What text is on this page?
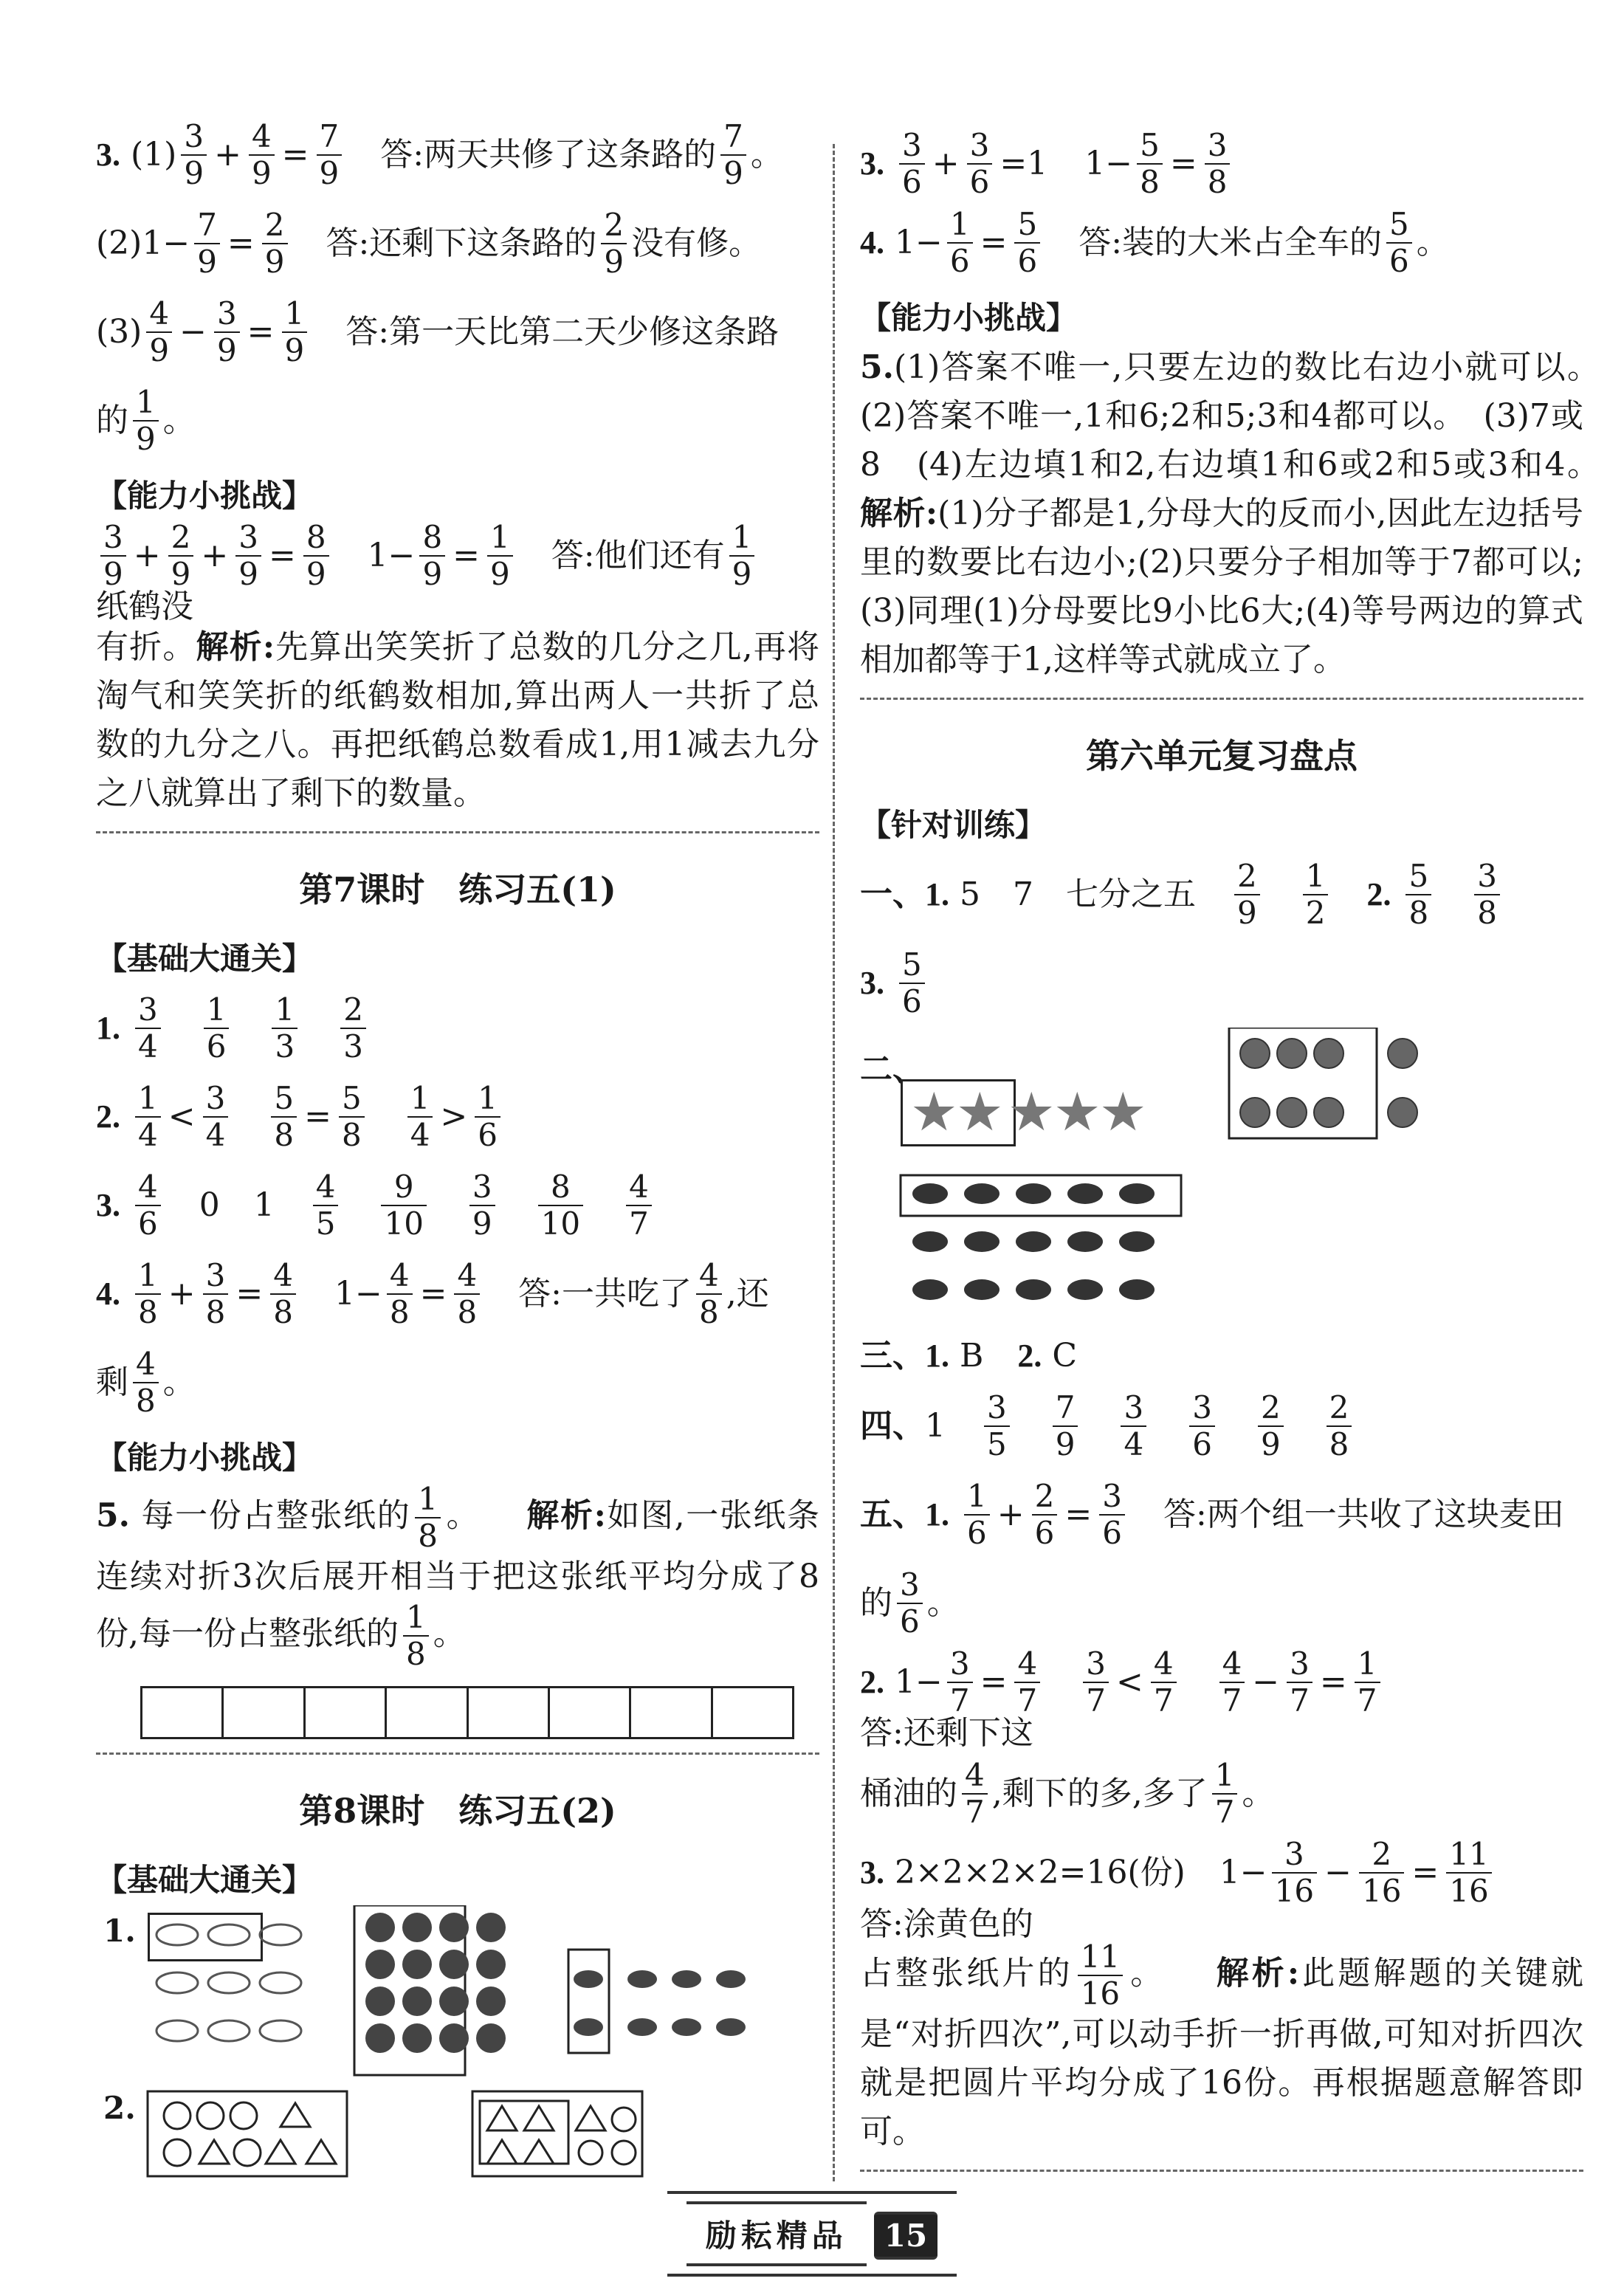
3. $(1) \frac{3}{9} + \frac{4}{9} = \frac{7}{9}$ 答:两天共修了这条路的 $\frac{7}{9}$ 。
$(2)1- \frac{7}{9} = \frac{2}{9}$ 答:还剩下这条路的 $\frac{2}{9}$ 没有修。
$(3) \frac{4}{9} - \frac{3}{9} = \frac{1}{9}$ 答:第一天比第二天少修这条路
的 $\frac{1}{9}$ 。
【能力小挑战】
$\frac{3}{9} + \frac{2}{9} + \frac{3}{9} = \frac{8}{9} 1- \frac{8}{9} = \frac{1}{9}$ 答:他们还有 $\frac{1}{9}$
纸鹤没
有折。解析:先算出笑笑折了总数的几分之几,再将淘气和笑笑折的纸鹤数相加,算出两人一共折了总数的九分之八。再把纸鹤总数看成1,用1减去九分之八就算出了剩下的数量。
第7课时　练习五(1)
【基础大通关】
1. $\frac{3}{4} \frac{1}{6} \frac{1}{3} \frac{2}{3}$
2. $\frac{1}{4} < \frac{3}{4} \frac{5}{8} = \frac{5}{8} \frac{1}{4} > \frac{1}{6}$
3. $\frac{4}{6} 0$ $1 \frac{4}{5} \frac{9}{10} \frac{3}{9} \frac{8}{10} \frac{4}{7}$
4. $\frac{1}{8} + \frac{3}{8} = \frac{4}{8} 1- \frac{4}{8} = \frac{4}{8}$ 答:一共吃了 $\frac{4}{8}$ ,还
剩 $\frac{4}{8}$ 。
【能力小挑战】
5. 每一份占整张纸的 $\frac{1}{8}$ 。 解析:如图,一张纸条连续对折3次后展开相当于把这张纸平均分成了8份,每一份占整张纸的 $\frac{1}{8}$ 。
第8课时　练习五(2)
【基础大通关】
1.
2.
3. $\frac{3}{6} + \frac{3}{6} =1$ $1- \frac{5}{8} = \frac{3}{8}$
4. $1- \frac{1}{6} = \frac{5}{6}$ 答:装的大米占全车的 $\frac{5}{6}$ 。
【能力小挑战】
5.(1)答案不唯一,只要左边的数比右边小就可以。　(2)答案不唯一,1和6;2和5;3和4都可以。　(3)7或8　(4)左边填1和2,右边填1和6或2和5或3和4。　解析:(1)分子都是1,分母大的反而小,因此左边括号里的数要比右边小;(2)只要分子相加等于7都可以;(3)同理(1)分母要比9小比6大;(4)等号两边的算式相加都等于1,这样等式就成立了。
第六单元复习盘点
【针对训练】
一、 1. 5　7　七分之五 $\frac{2}{9} \frac{1}{2} 2$. $\frac{5}{8} \frac{3}{8}$
3. $\frac{5}{6}$
二、
★
★ ★
★
★
三、 1. B 2. C
四、 $1 \frac{3}{5} \frac{7}{9} \frac{3}{4} \frac{3}{6} \frac{2}{9} \frac{2}{8}$
五、 1. $\frac{1}{6} + \frac{2}{6} = \frac{3}{6}$ 答:两个组一共收了这块麦田
的 $\frac{3}{6}$ 。
2. $1- \frac{3}{7} = \frac{4}{7} \frac{3}{7} < \frac{4}{7} \frac{4}{7} - \frac{3}{7} = \frac{1}{7}$
答:还剩下这
桶油的 $\frac{4}{7}$ ,剩下的多,多了 $\frac{1}{7}$ 。
3. 2×2×2×2=16(份) $1- \frac{3}{16} - \frac{2}{16} = \frac{11}{16}$
答:涂黄色的
占整张纸片的 $\frac{11}{16}$ 。 解析:此题解题的关键就是“对折四次”,可以动手折一折再做,可知对折四次就是把圆片平均分成了16份。再根据题意解答即可。
励耘精品 15
